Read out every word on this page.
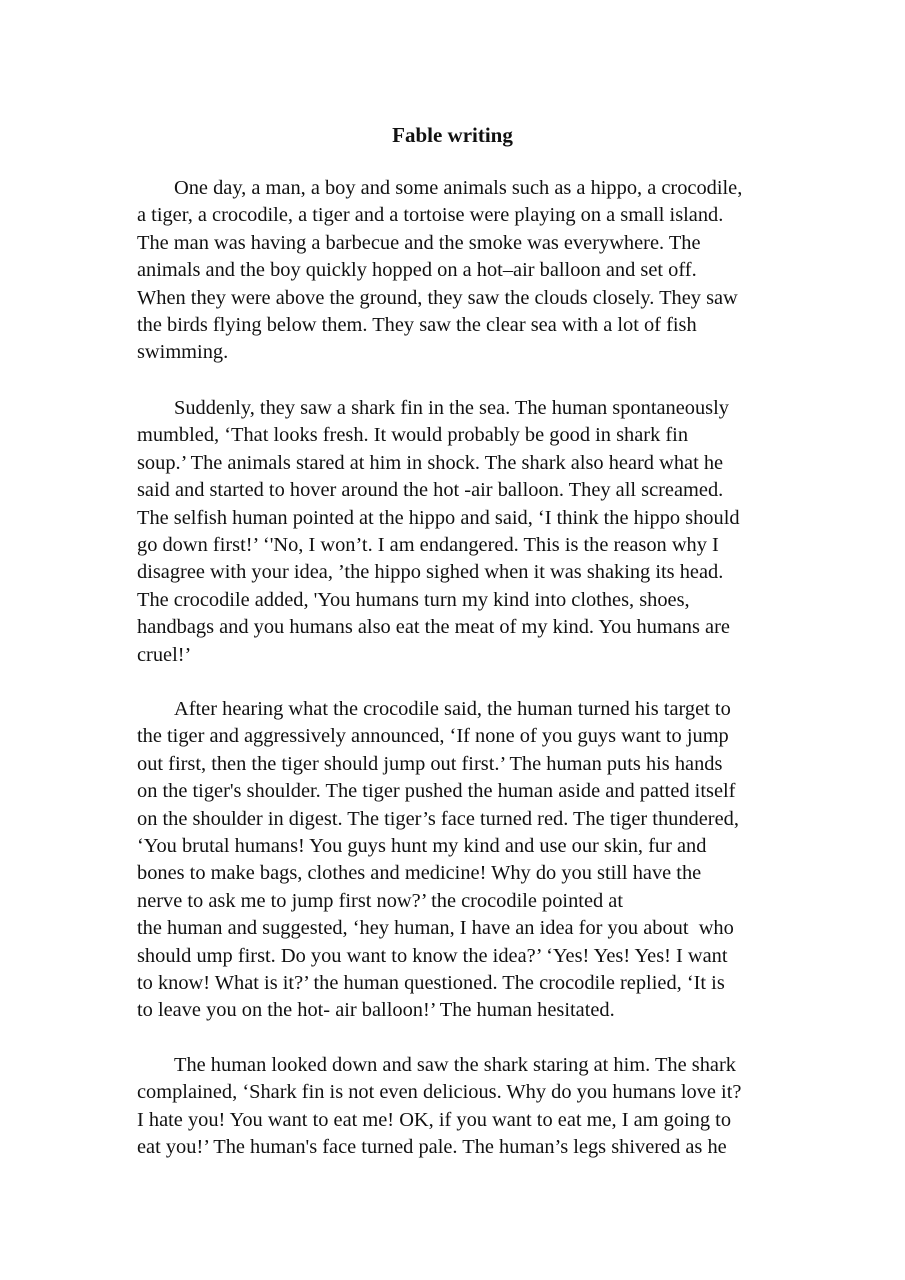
Fable writing
One day, a man, a boy and some animals such as a hippo, a crocodile,
a tiger, a crocodile, a tiger and a tortoise were playing on a small island.
The man was having a barbecue and the smoke was everywhere. The
animals and the boy quickly hopped on a hot–air balloon and set off.
When they were above the ground, they saw the clouds closely. They saw
the birds flying below them. They saw the clear sea with a lot of fish
swimming.
Suddenly, they saw a shark fin in the sea. The human spontaneously
mumbled, ‘That looks fresh. It would probably be good in shark fin
soup.’ The animals stared at him in shock. The shark also heard what he
said and started to hover around the hot -air balloon. They all screamed.
The selfish human pointed at the hippo and said, ‘I think the hippo should
go down first!’ ‘'No, I won’t. I am endangered. This is the reason why I
disagree with your idea, ’the hippo sighed when it was shaking its head.
The crocodile added, 'You humans turn my kind into clothes, shoes,
handbags and you humans also eat the meat of my kind. You humans are
cruel!’
After hearing what the crocodile said, the human turned his target to
the tiger and aggressively announced, ‘If none of you guys want to jump
out first, then the tiger should jump out first.’ The human puts his hands
on the tiger's shoulder. The tiger pushed the human aside and patted itself
on the shoulder in digest. The tiger’s face turned red. The tiger thundered,
‘You brutal humans! You guys hunt my kind and use our skin, fur and
bones to make bags, clothes and medicine! Why do you still have the
nerve to ask me to jump first now?’ the crocodile pointed at
the human and suggested, ‘hey human, I have an idea for you about  who
should ump first. Do you want to know the idea?’ ‘Yes! Yes! Yes! I want
to know! What is it?’ the human questioned. The crocodile replied, ‘It is
to leave you on the hot- air balloon!’ The human hesitated.
The human looked down and saw the shark staring at him. The shark
complained, ‘Shark fin is not even delicious. Why do you humans love it?
I hate you! You want to eat me! OK, if you want to eat me, I am going to
eat you!’ The human's face turned pale. The human’s legs shivered as he
